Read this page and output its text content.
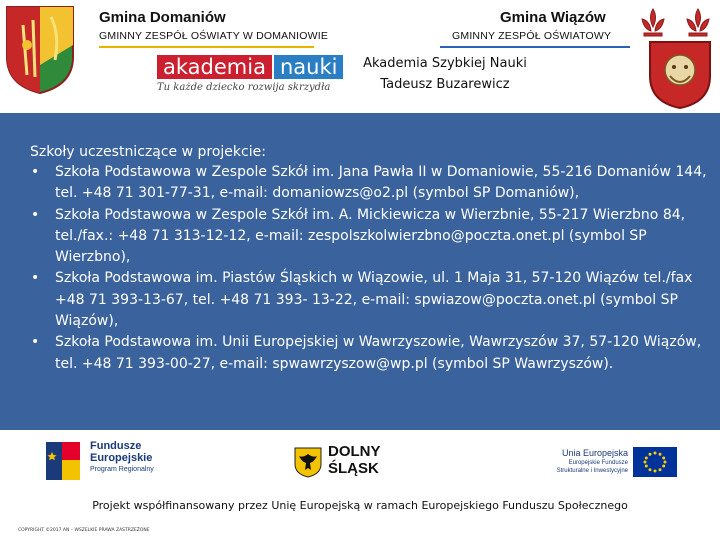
Gmina Domaniów
GMINNY ZESPÓŁ OŚWIATY W DOMANIOWIE
Gmina Wiązów
GMINNY ZESPÓŁ OŚWIATOWY
akademia nauki
Tu każde dziecko rozwija skrzydła
Akademia Szybkiej Nauki
Tadeusz Buzarewicz
Szkoły uczestniczące w projekcie:
• Szkoła Podstawowa w Zespole Szkół im. Jana Pawła II w Domaniowie, 55-216 Domaniów 144, tel. +48 71 301-77-31, e-mail: domaniowzs@o2.pl (symbol SP Domaniów),
• Szkoła Podstawowa w Zespole Szkół im. A. Mickiewicza w Wierzbnie, 55-217 Wierzbno 84, tel./fax.: +48 71 313-12-12, e-mail: zespolszkolwierzbno@poczta.onet.pl (symbol SP Wierzbno),
• Szkoła Podstawowa im. Piastów Śląskich w Wiązowie, ul. 1 Maja 31, 57-120 Wiązów tel./fax +48 71 393-13-67, tel. +48 71 393- 13-22, e-mail: spwiazow@poczta.onet.pl (symbol SP Wiązów),
• Szkoła Podstawowa im. Unii Europejskiej w Wawrzyszowie, Wawrzyszów 37, 57-120 Wiązów, tel. +48 71 393-00-27, e-mail: spwawrzyszow@wp.pl (symbol SP Wawrzyszów).
Fundusze
Europejskie
Program Regionalny
DOLNY
ŚLĄSK
Unia Europejska
Europejskie Fundusze
Strukturalne i Inwestycyjne
Projekt współfinansowany przez Unię Europejską w ramach Europejskiego Funduszu Społecznego
COPYRIGHT ©2017 AN – WSZELKIE PRAWA ZASTRZEŻONE
